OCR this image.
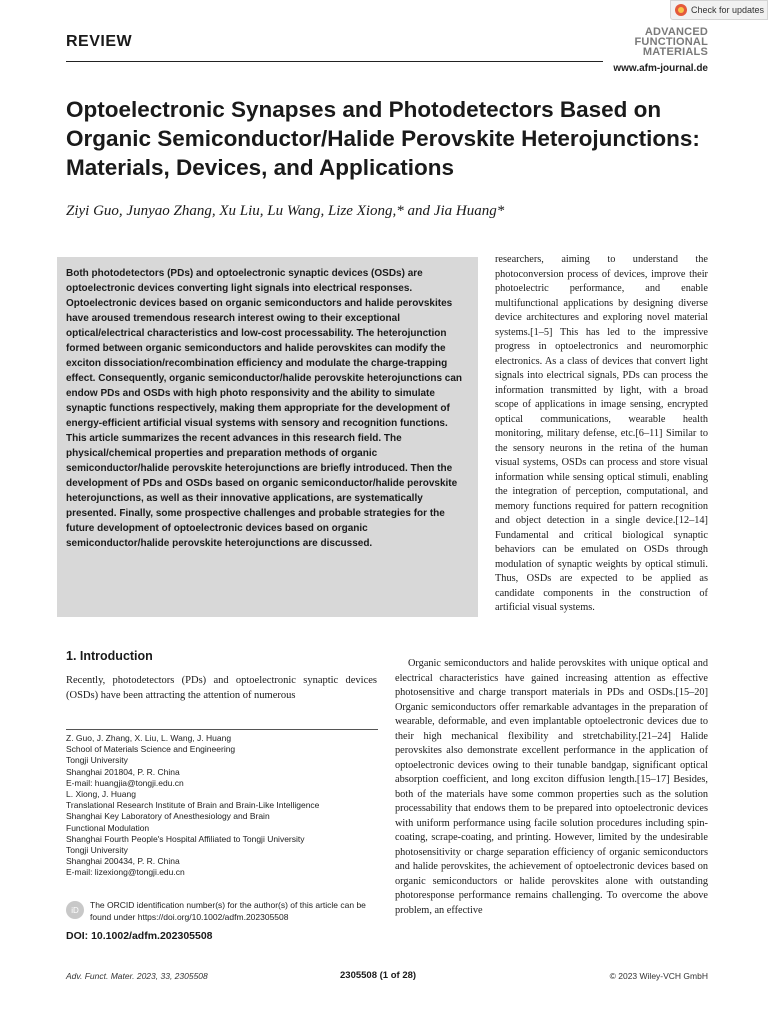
Check for updates
REVIEW
ADVANCED
FUNCTIONAL
MATERIALS
www.afm-journal.de
Optoelectronic Synapses and Photodetectors Based on Organic Semiconductor/Halide Perovskite Heterojunctions: Materials, Devices, and Applications
Ziyi Guo, Junyao Zhang, Xu Liu, Lu Wang, Lize Xiong,* and Jia Huang*
Both photodetectors (PDs) and optoelectronic synaptic devices (OSDs) are optoelectronic devices converting light signals into electrical responses. Optoelectronic devices based on organic semiconductors and halide perovskites have aroused tremendous research interest owing to their exceptional optical/electrical characteristics and low-cost processability. The heterojunction formed between organic semiconductors and halide perovskites can modify the exciton dissociation/recombination efficiency and modulate the charge-trapping effect. Consequently, organic semiconductor/halide perovskite heterojunctions can endow PDs and OSDs with high photo responsivity and the ability to simulate synaptic functions respectively, making them appropriate for the development of energy-efficient artificial visual systems with sensory and recognition functions. This article summarizes the recent advances in this research field. The physical/chemical properties and preparation methods of organic semiconductor/halide perovskite heterojunctions are briefly introduced. Then the development of PDs and OSDs based on organic semiconductor/halide perovskite heterojunctions, as well as their innovative applications, are systematically presented. Finally, some prospective challenges and probable strategies for the future development of optoelectronic devices based on organic semiconductor/halide perovskite heterojunctions are discussed.
1. Introduction
Recently, photodetectors (PDs) and optoelectronic synaptic devices (OSDs) have been attracting the attention of numerous
Z. Guo, J. Zhang, X. Liu, L. Wang, J. Huang
School of Materials Science and Engineering
Tongji University
Shanghai 201804, P. R. China
E-mail: huangjia@tongji.edu.cn
L. Xiong, J. Huang
Translational Research Institute of Brain and Brain-Like Intelligence
Shanghai Key Laboratory of Anesthesiology and Brain
Functional Modulation
Shanghai Fourth People's Hospital Affiliated to Tongji University
Tongji University
Shanghai 200434, P. R. China
E-mail: lizexiong@tongji.edu.cn
iD	The ORCID identification number(s) for the author(s) of this article can be found under https://doi.org/10.1002/adfm.202305508
DOI: 10.1002/adfm.202305508

researchers, aiming to understand the photoconversion process of devices, improve their photoelectric performance, and enable multifunctional applications by designing diverse device architectures and exploring novel material systems.[1–5] This has led to the impressive progress in optoelectronics and neuromorphic electronics. As a class of devices that convert light signals into electrical signals, PDs can process the information transmitted by light, with a broad scope of applications in image sensing, encrypted optical communications, wearable health monitoring, military defense, etc.[6–11] Similar to the sensory neurons in the retina of the human visual systems, OSDs can process and store visual information while sensing optical stimuli, enabling the integration of perception, computational, and memory functions required for pattern recognition and object detection in a single device.[12–14] Fundamental and critical biological synaptic behaviors can be emulated on OSDs through modulation of synaptic weights by optical stimuli. Thus, OSDs are expected to be applied as candidate components in the construction of artificial visual systems.

Organic semiconductors and halide perovskites with unique optical and electrical characteristics have gained increasing attention as effective photosensitive and charge transport materials in PDs and OSDs.[15–20] Organic semiconductors offer remarkable advantages in the preparation of wearable, deformable, and even implantable optoelectronic devices due to their high mechanical flexibility and stretchability.[21–24] Halide perovskites also demonstrate excellent performance in the application of optoelectronic devices owing to their tunable bandgap, significant optical absorption coefficient, and long exciton diffusion length.[15–17] Besides, both of the materials have some common properties such as the solution processability that endows them to be prepared into optoelectronic devices with uniform performance using facile solution procedures including spin-coating, scrape-coating, and printing. However, limited by the undesirable photosensitivity or charge separation efficiency of organic semiconductors and halide perovskites, the achievement of optoelectronic devices based on organic semiconductors or halide perovskites alone with outstanding photoresponse performance remains challenging. To overcome the above problem, an effective

Adv. Funct. Mater. 2023, 33, 2305508	2305508 (1 of 28)	© 2023 Wiley-VCH GmbH
